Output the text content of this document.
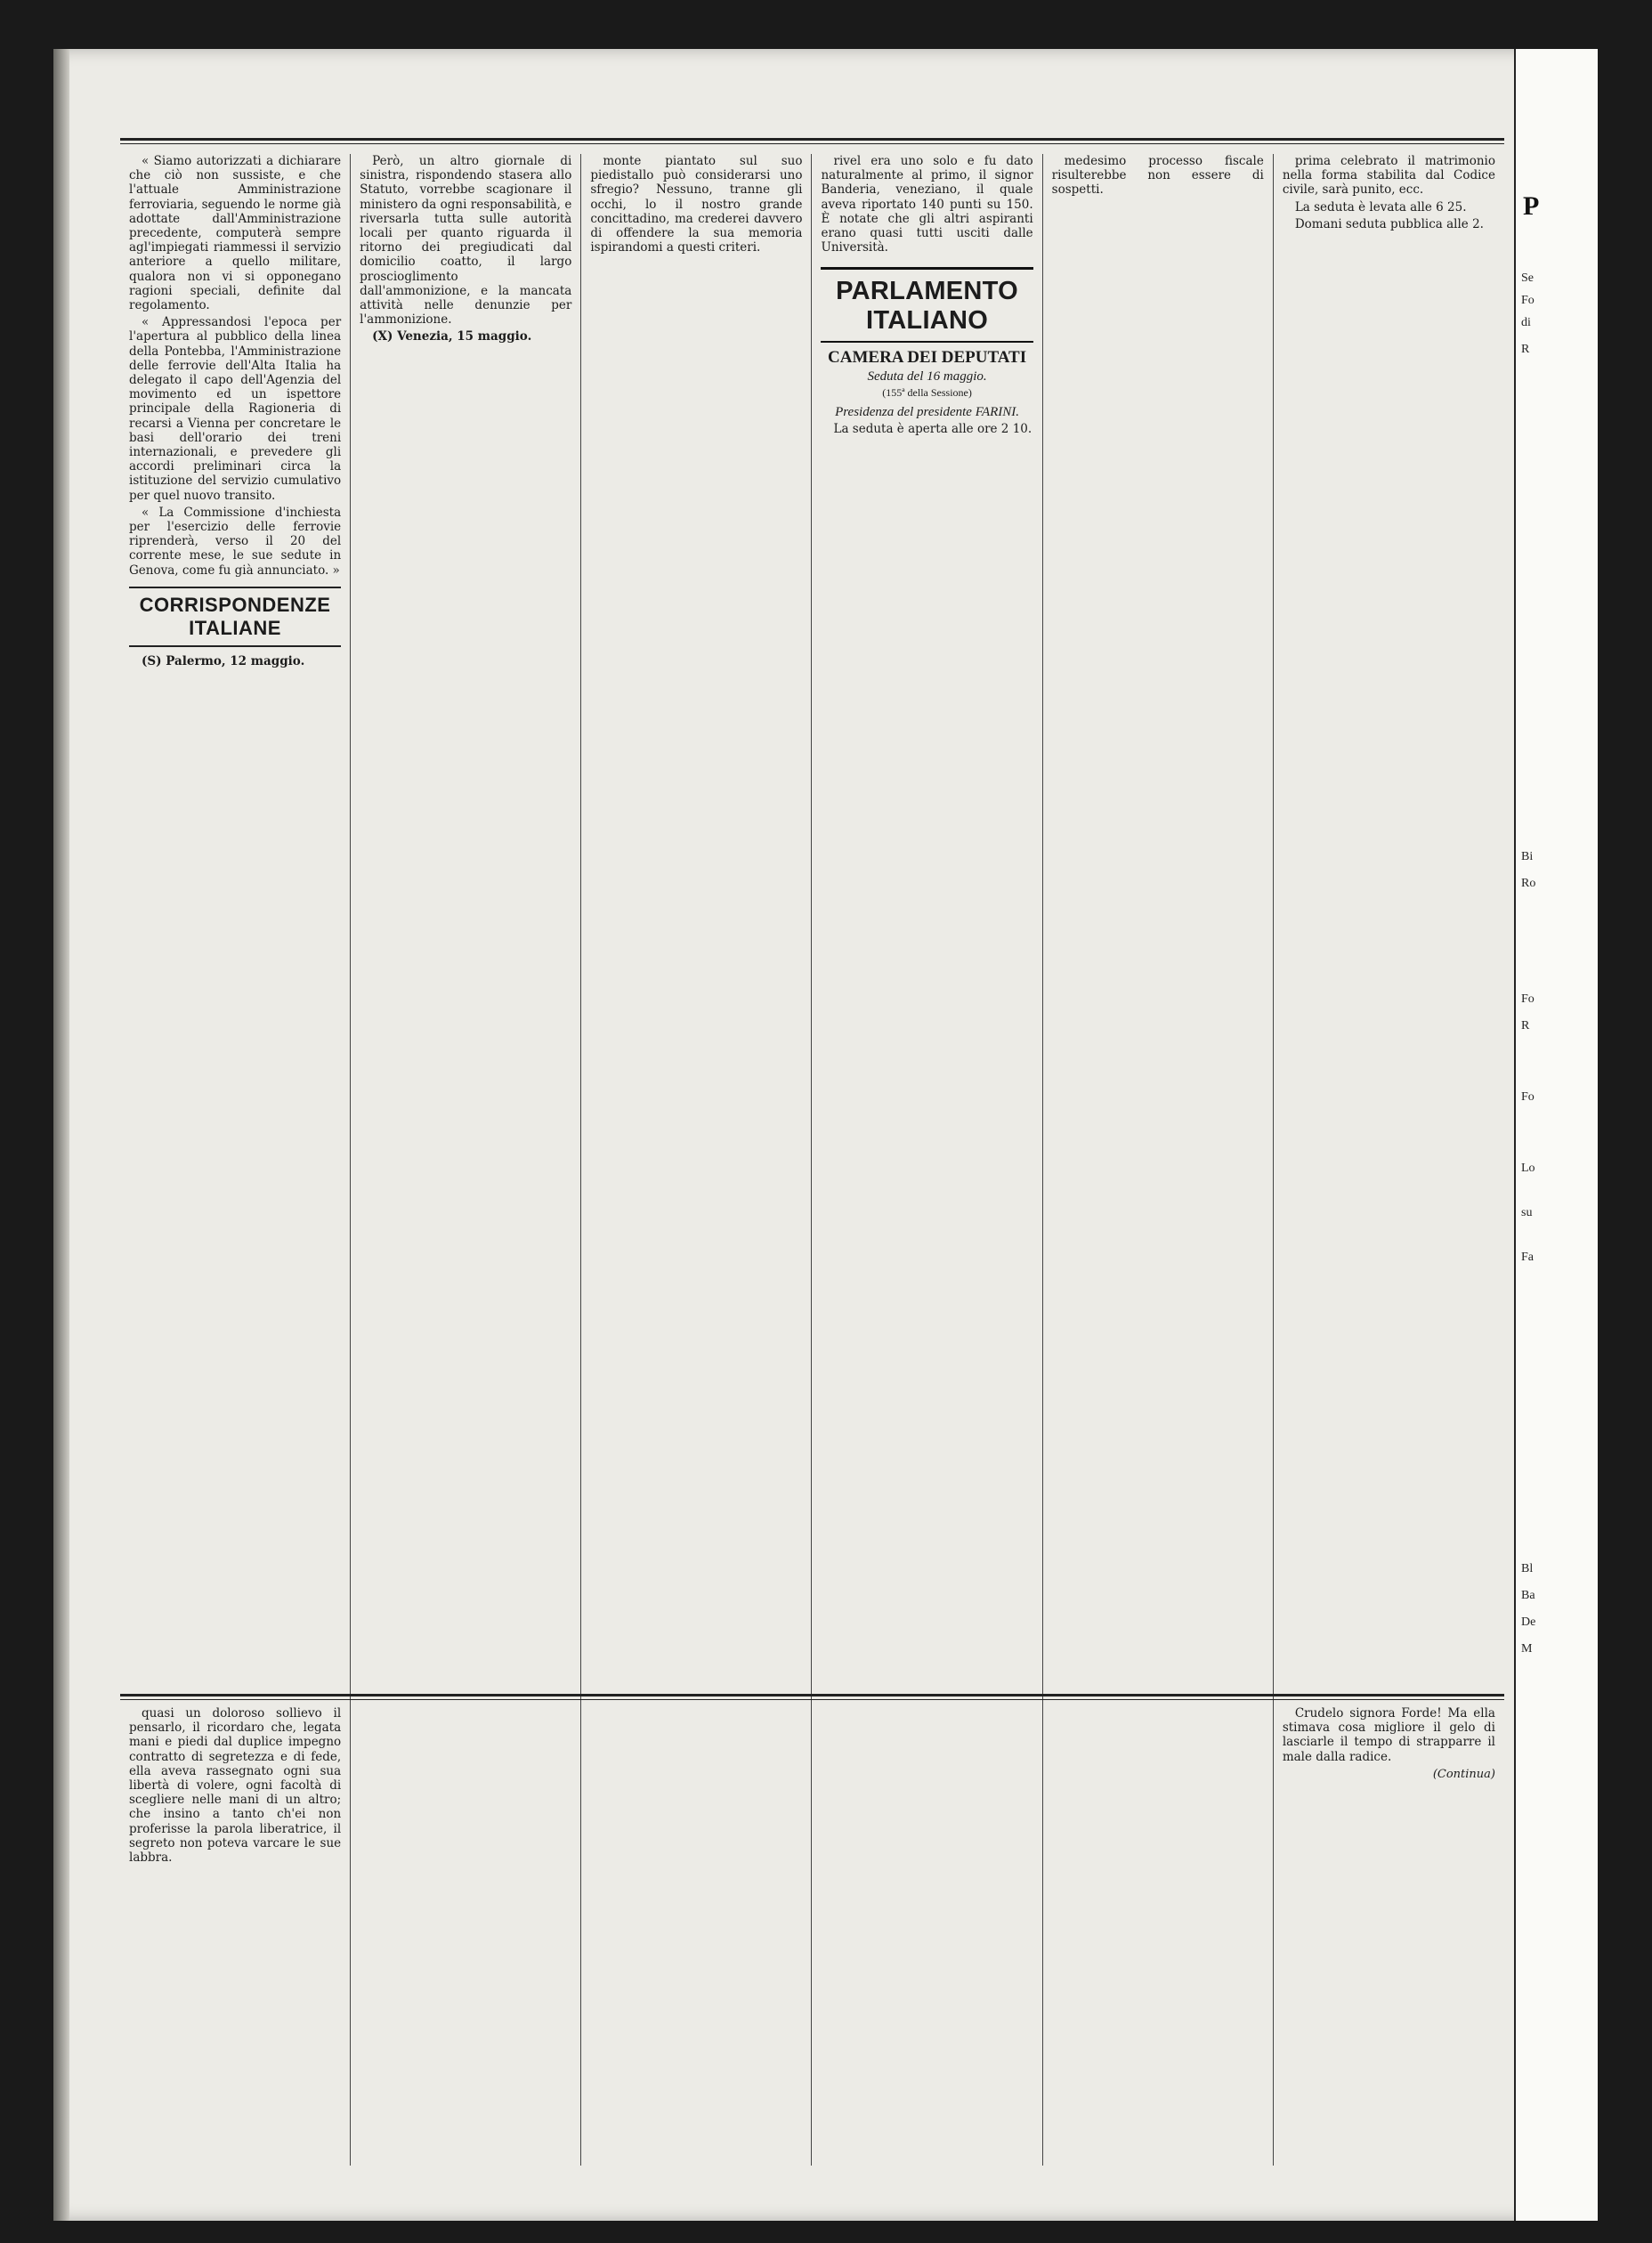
« Siamo autorizzati a dichiarare che ciò non sussiste, e che l'attuale Amministrazione ferroviaria, seguendo le norme già adottate dall'Amministrazione precedente, computerà sempre agl'impiegati riammessi il servizio anteriore a quello militare, qualora non vi si opponegano ragioni speciali, definite dal regolamento.

« Appressandosi l'epoca per l'apertura al pubblico della linea della Pontebba, l'Amministrazione delle ferrovie dell'Alta Italia ha delegato il capo dell'Agenzia del movimento ed un ispettore principale della Ragioneria di recarsi a Vienna per concretare le basi dell'orario dei treni internazionali, e prevedere gli accordi preliminari circa la istituzione del servizio cumulativo per quel nuovo transito.

« La Commissione d'inchiesta per l'esercizio delle ferrovie riprenderà, verso il 20 del corrente mese, le sue sedute in Genova, come fu già annunciato. »

CORRISPONDENZE ITALIANE

(S) Palermo, 12 maggio.

Però, un altro giornale di sinistra, rispondendo stasera allo Statuto, vorrebbe scagionare il ministero da ogni responsabilità, e riversarla tutta sulle autorità locali per quanto riguarda il ritorno dei pregiudicati dal domicilio coatto, il largo proscioglimento dall'ammonizione, e la mancata attività nelle denunzie per l'ammonizione.

(X) Venezia, 15 maggio.

monte piantato sul suo piedistallo può considerarsi uno sfregio? Nessuno, tranne gli occhi, lo il nostro grande concittadino, ma crederei davvero di offendere la sua memoria ispirandomi a questi criteri.

rivel era uno solo e fu dato naturalmente al primo, il signor Banderia, veneziano, il quale aveva riportato 140 punti su 150. È notate che gli altri aspiranti erano quasi tutti usciti dalle Università.

PARLAMENTO ITALIANO
CAMERA DEI DEPUTATI
Seduta del 16 maggio.
(155ª della Sessione)
Presidenza del presidente FARINI.

La seduta è aperta alle ore 2 10.

medesimo processo fiscale risulterebbe non essere di sospetti.

prima celebrato il matrimonio nella forma stabilita dal Codice civile, sarà punito, ecc.

La seduta è levata alle 6 25.

Domani seduta pubblica alle 2.

quasi un doloroso sollievo il pensarlo, il ricordaro che, legata mani e piedi dal duplice impegno contratto di segretezza e di fede, ella aveva rassegnato ogni sua libertà di volere, ogni facoltà di scegliere nelle mani di un altro; che insino a tanto ch'ei non proferisse la parola liberatrice, il segreto non poteva varcare le sue labbra.

Crudelo signora Forde! Ma ella stimava cosa migliore il gelo di lasciarle il tempo di strapparre il male dalla radice.

(Continua)
P
Se
Fo
di
R
Bi
Ro
Fo
R
Fo
Lo
su
Fa
Bl
Ba
De
M
